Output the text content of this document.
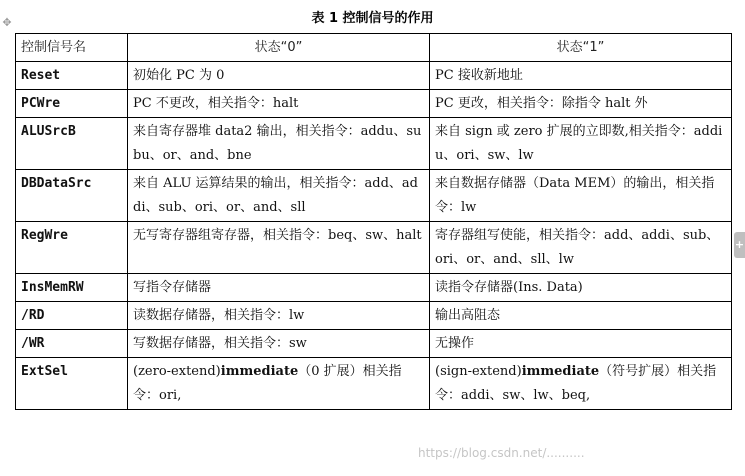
表 1 控制信号的作用
✥
+
控制信号名	状态“0”	状态“1”
Reset	初始化 PC 为 0	PC 接收新地址
PCWre	PC 不更改，相关指令：halt	PC 更改，相关指令：除指令 halt 外
ALUSrcB	来自寄存器堆 data2 输出，相关指令：addu、subu、or、and、bne	来自 sign 或 zero 扩展的立即数,相关指令：addiu、ori、sw、lw
DBDataSrc	来自 ALU 运算结果的输出，相关指令：add、addi、sub、ori、or、and、sll	来自数据存储器（Data MEM）的输出，相关指令：lw
RegWre	无写寄存器组寄存器，相关指令：beq、sw、halt	寄存器组写使能，相关指令：add、addi、sub、ori、or、and、sll、lw
InsMemRW	写指令存储器	读指令存储器(Ins. Data)
/RD	读数据存储器，相关指令：lw	输出高阻态
/WR	写数据存储器，相关指令：sw	无操作
ExtSel	(zero-extend)immediate（0 扩展）相关指令：ori,	(sign-extend)immediate（符号扩展）相关指令：addi、sw、lw、beq,
https://blog.csdn.net/..........
